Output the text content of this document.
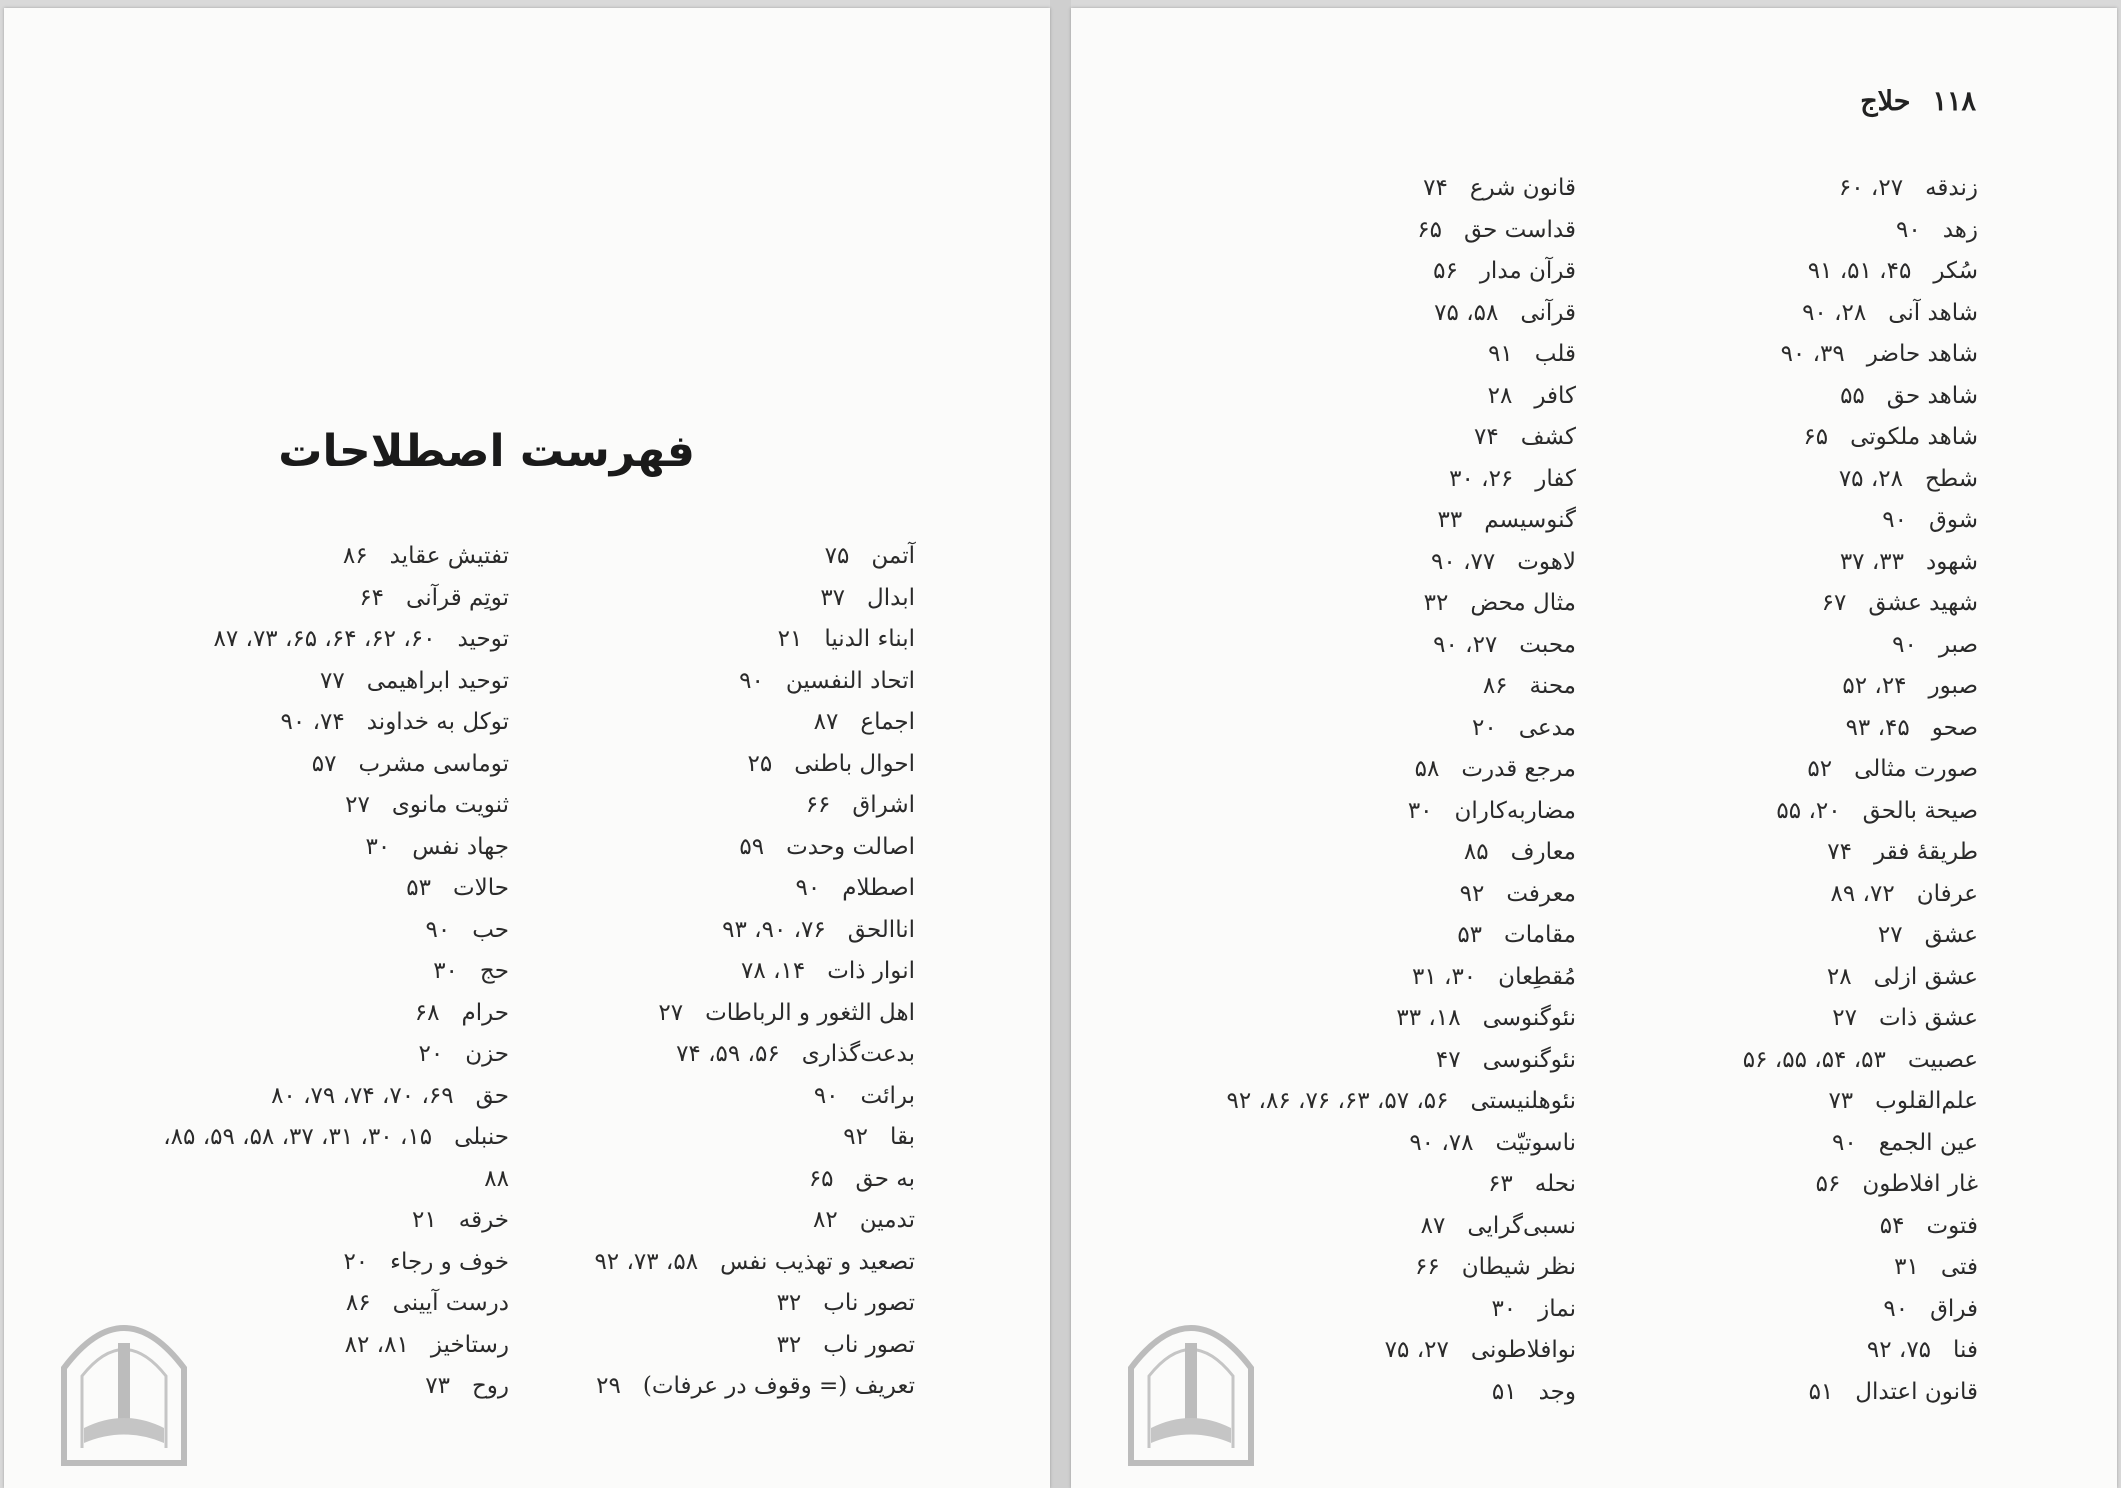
فهرست اصطلاحات
آتمن۷۵
ابدال۳۷
ابناء الدنیا۲۱
اتحاد النفسین۹۰
اجماع۸۷
احوال باطنی۲۵
اشراق۶۶
اصالت وحدت۵۹
اصطلام۹۰
اناالحق۷۶، ۹۰، ۹۳
انوار ذات۱۴، ۷۸
اهل الثغور و الرباطات۲۷
بدعت‌گذاری۵۶، ۵۹، ۷۴
برائت۹۰
بقا۹۲
به حق۶۵
تدمین۸۲
تصعید و تهذیب نفس۵۸، ۷۳، ۹۲
تصور ناب۳۲
تصور ناب۳۲
تعریف (= وقوف در عرفات)۲۹
تفتیش عقاید۸۶
توتِم قرآنی۶۴
توحید۶۰، ۶۲، ۶۴، ۶۵، ۷۳، ۸۷
توحید ابراهیمی۷۷
توکل به خداوند۷۴، ۹۰
توماسی مشرب۵۷
ثنویت مانوی۲۷
جهاد نفس۳۰
حالات۵۳
حب۹۰
حج۳۰
حرام۶۸
حزن۲۰
حق۶۹، ۷۰، ۷۴، ۷۹، ۸۰
حنبلی۱۵، ۳۰، ۳۱، ۳۷، ۵۸، ۵۹، ۸۵،
۸۸
خرقه۲۱
خوف و رجاء۲۰
درست آیینی۸۶
رستاخیز۸۱، ۸۲
روح۷۳
۱۱۸حلاج
زندقه۲۷، ۶۰
زهد۹۰
سُکر۴۵، ۵۱، ۹۱
شاهد آنی۲۸، ۹۰
شاهد حاضر۳۹، ۹۰
شاهد حق۵۵
شاهد ملکوتی۶۵
شطح۲۸، ۷۵
شوق۹۰
شهود۳۳، ۳۷
شهید عشق۶۷
صبر۹۰
صبور۲۴، ۵۲
صحو۴۵، ۹۳
صورت مثالی۵۲
صیحة بالحق۲۰، ۵۵
طریقهٔ فقر۷۴
عرفان۷۲، ۸۹
عشق۲۷
عشق ازلی۲۸
عشق ذات۲۷
عصبیت۵۳، ۵۴، ۵۵، ۵۶
علم‌القلوب۷۳
عین الجمع۹۰
غار افلاطون۵۶
فتوت۵۴
فتی۳۱
فراق۹۰
فنا۷۵، ۹۲
قانون اعتدال۵۱
قانون شرع۷۴
قداست حق۶۵
قرآن مدار۵۶
قرآنی۵۸، ۷۵
قلب۹۱
کافر۲۸
کشف۷۴
کفار۲۶، ۳۰
گنوسیسم۳۳
لاهوت۷۷، ۹۰
مثال محض۳۲
محبت۲۷، ۹۰
محنة۸۶
مدعی۲۰
مرجع قدرت۵۸
مضاربه‌کاران۳۰
معارف۸۵
معرفت۹۲
مقامات۵۳
مُقطِعان۳۰، ۳۱
نئوگنوسی۱۸، ۳۳
نئوگنوسی۴۷
نئوهلنیستی۵۶، ۵۷، ۶۳، ۷۶، ۸۶، ۹۲
ناسوتیّت۷۸، ۹۰
نحله۶۳
نسبی‌گرایی۸۷
نظر شیطان۶۶
نماز۳۰
نوافلاطونی۲۷، ۷۵
وجد۵۱
